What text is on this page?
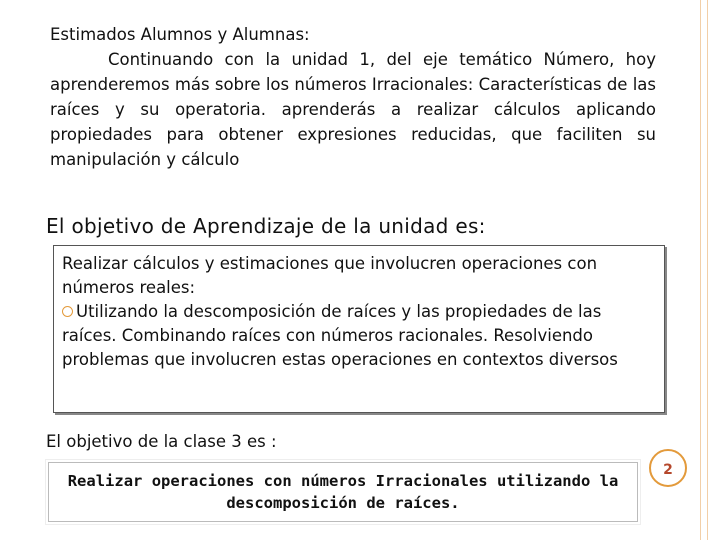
Estimados Alumnos y Alumnas:
Continuando con la unidad 1, del eje temático Número, hoy aprenderemos más sobre los números Irracionales: Características de las raíces y su operatoria. aprenderás a realizar cálculos aplicando propiedades para obtener expresiones reducidas, que faciliten su manipulación y cálculo
El objetivo de Aprendizaje de la unidad es:
Realizar cálculos y estimaciones que involucren operaciones con números reales:
Utilizando la descomposición de raíces y las propiedades de las raíces. Combinando raíces con números racionales. Resolviendo problemas que involucren estas operaciones en contextos diversos
El objetivo de la clase 3 es :
Realizar operaciones con números Irracionales utilizando la descomposición de raíces.
2
